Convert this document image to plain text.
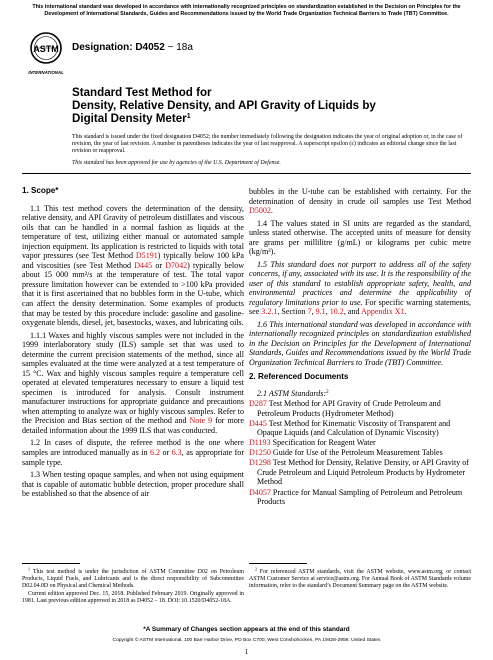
This international standard was developed in accordance with internationally recognized principles on standardization established in the Decision on Principles for the Development of International Standards, Guides and Recommendations issued by the World Trade Organization Technical Barriers to Trade (TBT) Committee.
ASTM
INTERNATIONAL
Designation: D4052 − 18a
Standard Test Method for
Density, Relative Density, and API Gravity of Liquids by
Digital Density Meter$^1$
This standard is issued under the fixed designation D4052; the number immediately following the designation indicates the year of original adoption or, in the case of revision, the year of last revision. A number in parentheses indicates the year of last reapproval. A superscript epsilon (ε) indicates an editorial change since the last revision or reapproval.
This standard has been approved for use by agencies of the U.S. Department of Defense.
1. Scope*

1.1 This test method covers the determination of the density, relative density, and API Gravity of petroleum distillates and viscous oils that can be handled in a normal fashion as liquids at the temperature of test, utilizing either manual or automated sample injection equipment. Its application is restricted to liquids with total vapor pressures (see Test Method D5191) typically below 100 kPa and viscosities (see Test Method D445 or D7042) typically below about 15 000 mm²/s at the temperature of test. The total vapor pressure limitation however can be extended to >100 kPa provided that it is first ascertained that no bubbles form in the U-tube, which can affect the density determination. Some examples of products that may be tested by this procedure include: gasoline and gasoline-oxygenate blends, diesel, jet, basestocks, waxes, and lubricating oils.

1.1.1 Waxes and highly viscous samples were not included in the 1999 interlaboratory study (ILS) sample set that was used to determine the current precision statements of the method, since all samples evaluated at the time were analyzed at a test temperature of 15 °C. Wax and highly viscous samples require a temperature cell operated at elevated temperatures necessary to ensure a liquid test specimen is introduced for analysis. Consult instrument manufacturer instructions for appropriate guidance and precautions when attempting to analyze wax or highly viscous samples. Refer to the Precision and Bias section of the method and Note 9 for more detailed information about the 1999 ILS that was conducted.

1.2 In cases of dispute, the referee method is the one where samples are introduced manually as in 6.2 or 6.3, as appropriate for sample type.

1.3 When testing opaque samples, and when not using equipment that is capable of automatic bubble detection, proper procedure shall be established so that the absence of air

bubbles in the U-tube can be established with certainty. For the determination of density in crude oil samples use Test Method D5002.

1.4 The values stated in SI units are regarded as the standard, unless stated otherwise. The accepted units of measure for density are grams per millilitre (g/mL) or kilograms per cubic metre (kg/m³).

1.5 This standard does not purport to address all of the safety concerns, if any, associated with its use. It is the responsibility of the user of this standard to establish appropriate safety, health, and environmental practices and determine the applicability of regulatory limitations prior to use. For specific warning statements, see 3.2.1, Section 7, 9.1, 10.2, and Appendix X1.

1.6 This international standard was developed in accordance with internationally recognized principles on standardization established in the Decision on Principles for the Development of International Standards, Guides and Recommendations issued by the World Trade Organization Technical Barriers to Trade (TBT) Committee.

2. Referenced Documents
2.1 ASTM Standards:$^2$
D287 Test Method for API Gravity of Crude Petroleum and Petroleum Products (Hydrometer Method)
D445 Test Method for Kinematic Viscosity of Transparent and Opaque Liquids (and Calculation of Dynamic Viscosity)
D1193 Specification for Reagent Water
D1250 Guide for Use of the Petroleum Measurement Tables
D1298 Test Method for Density, Relative Density, or API Gravity of Crude Petroleum and Liquid Petroleum Products by Hydrometer Method
D4057 Practice for Manual Sampling of Petroleum and Petroleum Products

$^1$ This test method is under the jurisdiction of ASTM Committee D02 on Petroleum Products, Liquid Fuels, and Lubricants and is the direct responsibility of Subcommittee D02.04.0D on Physical and Chemical Methods.

Current edition approved Dec. 15, 2018. Published February 2019. Originally approved in 1981. Last previous edition approved in 2018 as D4052 – 18. DOI: 10.1520/D4052-18A.

$^2$ For referenced ASTM standards, visit the ASTM website, www.astm.org, or contact ASTM Customer Service at service@astm.org. For Annual Book of ASTM Standards volume information, refer to the standard’s Document Summary page on the ASTM website.

*A Summary of Changes section appears at the end of this standard
Copyright © ASTM International, 100 Barr Harbor Drive, PO Box C700, West Conshohocken, PA 19428-2959. United States
1
